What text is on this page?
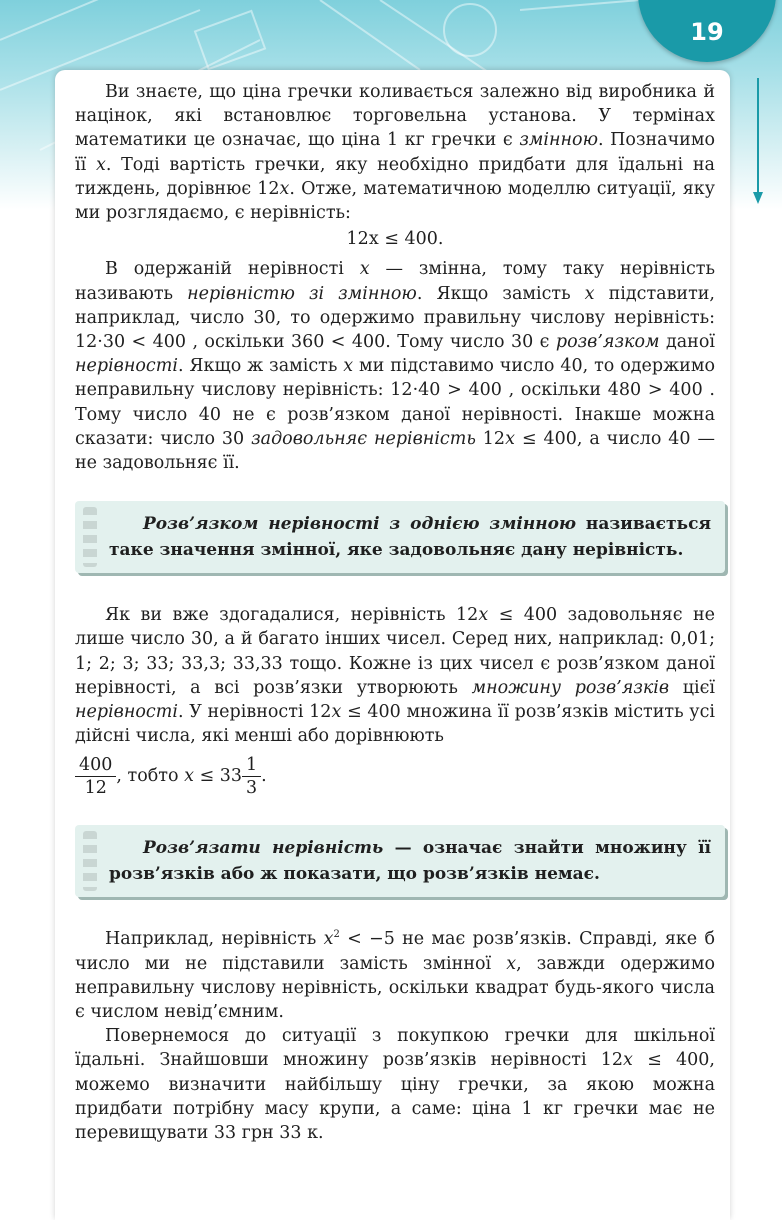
19

Ви знаєте, що ціна гречки коливається залежно від виробника й націнок, які встановлює торговельна установа. У термінах математики це означає, що ціна 1 кг гречки є змінною. Позначимо її x. Тоді вартість гречки, яку необхідно придбати для їдальні на тиждень, дорівнює 12x. Отже, математичною моделлю ситуації, яку ми розглядаємо, є нерівність:

12x ≤ 400.

В одержаній нерівності x — змінна, тому таку нерівність називають нерівністю зі змінною. Якщо замість x підставити, наприклад, число 30, то одержимо правильну числову нерівність: 12·30 < 400 , оскільки 360 < 400. Тому число 30 є розв’язком даної нерівності. Якщо ж замість x ми підставимо число 40, то одержимо неправильну числову нерівність: 12·40 > 400 , оскільки 480 > 400 . Тому число 40 не є розв’язком даної нерівності. Інакше можна сказати: число 30 задовольняє нерівність 12x ≤ 400, а число 40 — не задовольняє її.

Розв’язком нерівності з однією змінною називається таке значення змінної, яке задовольняє дану нерівність.

Як ви вже здогадалися, нерівність 12x ≤ 400 задовольняє не лише число 30, а й багато інших чисел. Серед них, наприклад: 0,01; 1; 2; 3; 33; 33,3; 33,33 тощо. Кожне із цих чисел є розв’язком даної нерівності, а всі розв’язки утворюють множину розв’язків цієї нерівності. У нерівності 12x ≤ 400 множина її розв’язків містить усі дійсні числа, які менші або дорівнюють

$\frac{400}{12}$ , тобто $x \le 33 \frac{1}{3}$ .

Розв’язати нерівність — означає знайти множину її розв’язків або ж показати, що розв’язків немає.

Наприклад, нерівність $x^2 < -5$ не має розв’язків. Справді, яке б число ми не підставили замість змінної x, завжди одержимо неправильну числову нерівність, оскільки квадрат будь-якого числа є числом невід’ємним.

Повернемося до ситуації з покупкою гречки для шкільної їдальні. Знайшовши множину розв’язків нерівності 12x ≤ 400, можемо визначити найбільшу ціну гречки, за якою можна придбати потрібну масу крупи, а саме: ціна 1 кг гречки має не перевищувати 33 грн 33 к.
